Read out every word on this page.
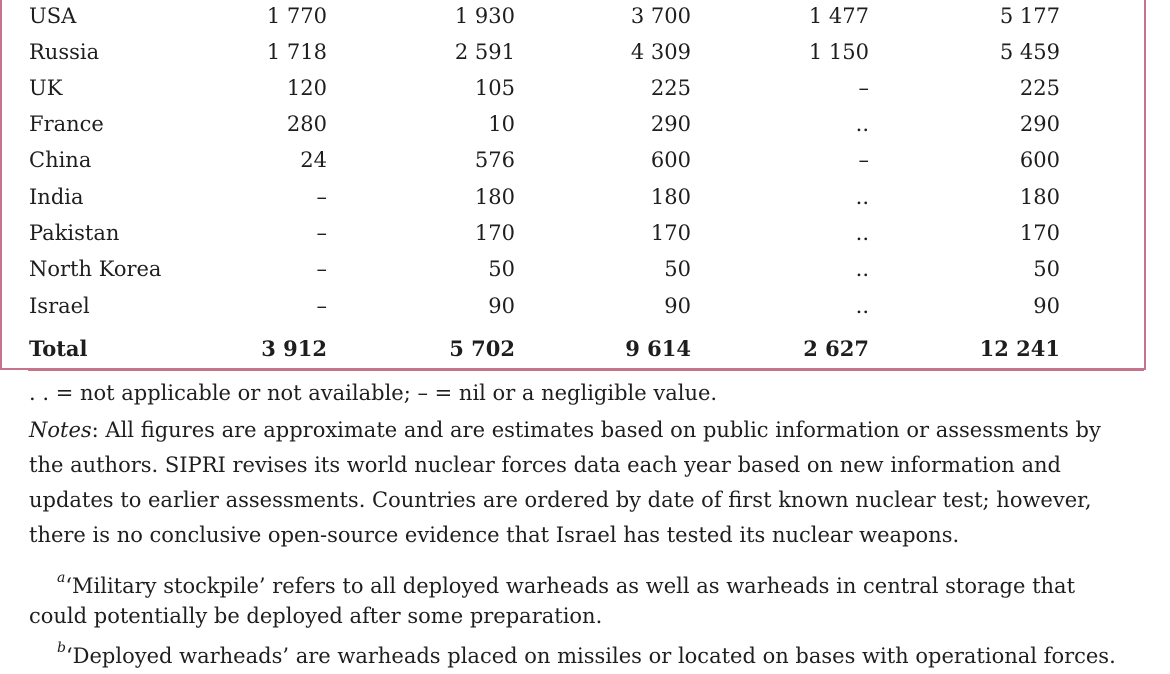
USA	1 770	1 930	3 700	1 477	5 177
Russia	1 718	2 591	4 309	1 150	5 459
UK	120	105	225	–	225
France	280	10	290	..	290
China	24	576	600	–	600
India	–	180	180	..	180
Pakistan	–	170	170	..	170
North Korea	–	50	50	..	50
Israel	–	90	90	..	90
Total	3 912	5 702	9 614	2 627	12 241
. . = not applicable or not available; – = nil or a negligible value.
Notes: All figures are approximate and are estimates based on public information or assessments by
the authors. SIPRI revises its world nuclear forces data each year based on new information and
updates to earlier assessments. Countries are ordered by date of first known nuclear test; however,
there is no conclusive open-source evidence that Israel has tested its nuclear weapons.
$^a$‘Military stockpile’ refers to all deployed warheads as well as warheads in central storage that
could potentially be deployed after some preparation.
$^b$‘Deployed warheads’ are warheads placed on missiles or located on bases with operational forces.
